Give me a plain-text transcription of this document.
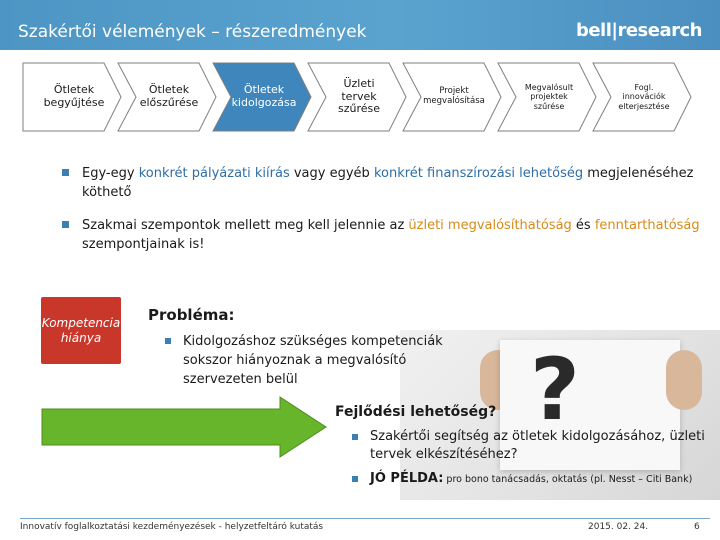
Szakértői vélemények – részeredmények	bell|research
Ötletek begyűjtése
Ötletek előszűrése
Ötletek kidolgozása
Üzleti tervek szűrése
Projekt megvalósítása
Megvalósult projektek szűrése
Fogl. innovációk elterjesztése
Egy-egy konkrét pályázati kiírás vagy egyéb konkrét finanszírozási lehetőség megjelenéséhez köthető
Szakmai szempontok mellett meg kell jelennie az üzleti megvalósíthatóság és fenntarthatóság szempontjainak is!
?
Kompetencia hiánya
Probléma:
Kidolgozáshoz szükséges kompetenciák sokszor hiányoznak a megvalósító szervezeten belül
Fejlődési lehetőség?
Szakértői segítség az ötletek kidolgozásához, üzleti tervek elkészítéséhez?
JÓ PÉLDA: pro bono tanácsadás, oktatás (pl. Nesst – Citi Bank)
Innovatív foglalkoztatási kezdeményezések - helyzetfeltáró kutatás	2015. 02. 24.	6
